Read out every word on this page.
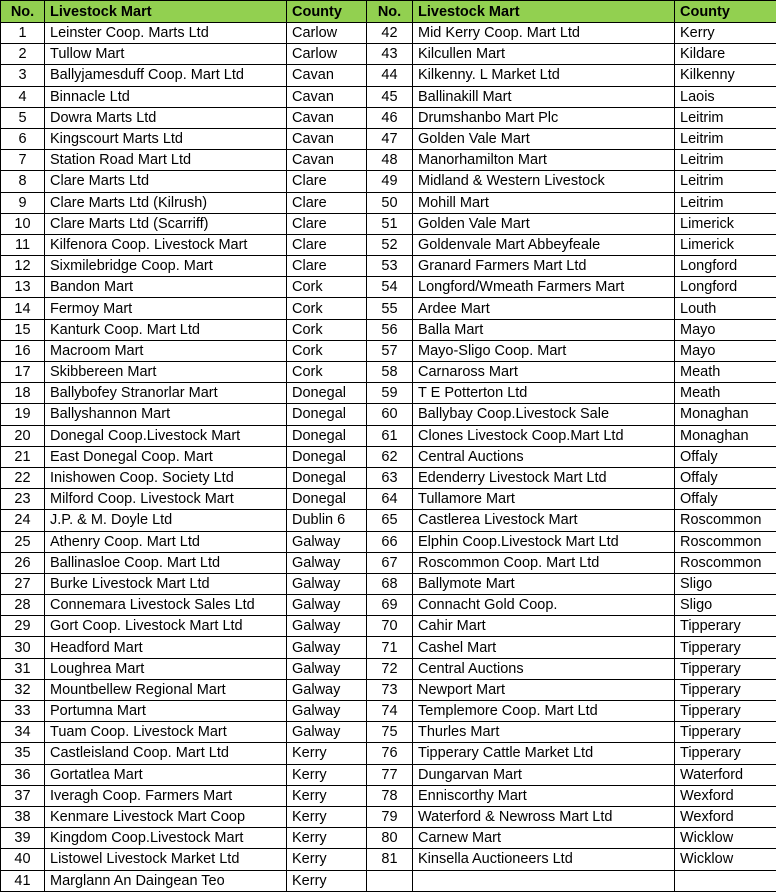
No.	Livestock Mart	County	No.	Livestock Mart	County
1	Leinster Coop. Marts Ltd	Carlow	42	Mid Kerry Coop. Mart Ltd	Kerry
2	Tullow Mart	Carlow	43	Kilcullen Mart	Kildare
3	Ballyjamesduff Coop. Mart Ltd	Cavan	44	Kilkenny. L Market Ltd	Kilkenny
4	Binnacle Ltd	Cavan	45	Ballinakill Mart	Laois
5	Dowra Marts Ltd	Cavan	46	Drumshanbo Mart Plc	Leitrim
6	Kingscourt Marts Ltd	Cavan	47	Golden Vale Mart	Leitrim
7	Station Road Mart Ltd	Cavan	48	Manorhamilton Mart	Leitrim
8	Clare Marts Ltd	Clare	49	Midland & Western Livestock	Leitrim
9	Clare Marts Ltd (Kilrush)	Clare	50	Mohill Mart	Leitrim
10	Clare Marts Ltd (Scarriff)	Clare	51	Golden Vale Mart	Limerick
11	Kilfenora Coop. Livestock Mart	Clare	52	Goldenvale Mart Abbeyfeale	Limerick
12	Sixmilebridge Coop. Mart	Clare	53	Granard Farmers Mart Ltd	Longford
13	Bandon Mart	Cork	54	Longford/Wmeath Farmers Mart	Longford
14	Fermoy Mart	Cork	55	Ardee Mart	Louth
15	Kanturk Coop. Mart Ltd	Cork	56	Balla Mart	Mayo
16	Macroom Mart	Cork	57	Mayo-Sligo Coop. Mart	Mayo
17	Skibbereen Mart	Cork	58	Carnaross Mart	Meath
18	Ballybofey Stranorlar Mart	Donegal	59	T E Potterton Ltd	Meath
19	Ballyshannon Mart	Donegal	60	Ballybay Coop.Livestock Sale	Monaghan
20	Donegal Coop.Livestock Mart	Donegal	61	Clones Livestock Coop.Mart Ltd	Monaghan
21	East Donegal Coop. Mart	Donegal	62	Central Auctions	Offaly
22	Inishowen Coop. Society Ltd	Donegal	63	Edenderry Livestock Mart Ltd	Offaly
23	Milford Coop. Livestock Mart	Donegal	64	Tullamore Mart	Offaly
24	J.P. & M. Doyle Ltd	Dublin 6	65	Castlerea Livestock Mart	Roscommon
25	Athenry Coop. Mart Ltd	Galway	66	Elphin Coop.Livestock Mart Ltd	Roscommon
26	Ballinasloe Coop. Mart Ltd	Galway	67	Roscommon Coop. Mart Ltd	Roscommon
27	Burke Livestock Mart Ltd	Galway	68	Ballymote Mart	Sligo
28	Connemara Livestock Sales Ltd	Galway	69	Connacht Gold Coop.	Sligo
29	Gort Coop. Livestock Mart Ltd	Galway	70	Cahir Mart	Tipperary
30	Headford Mart	Galway	71	Cashel Mart	Tipperary
31	Loughrea Mart	Galway	72	Central Auctions	Tipperary
32	Mountbellew Regional Mart	Galway	73	Newport Mart	Tipperary
33	Portumna Mart	Galway	74	Templemore Coop. Mart Ltd	Tipperary
34	Tuam Coop. Livestock Mart	Galway	75	Thurles Mart	Tipperary
35	Castleisland Coop. Mart Ltd	Kerry	76	Tipperary Cattle Market Ltd	Tipperary
36	Gortatlea Mart	Kerry	77	Dungarvan Mart	Waterford
37	Iveragh Coop. Farmers Mart	Kerry	78	Enniscorthy Mart	Wexford
38	Kenmare Livestock Mart Coop	Kerry	79	Waterford & Newross Mart Ltd	Wexford
39	Kingdom Coop.Livestock Mart	Kerry	80	Carnew Mart	Wicklow
40	Listowel Livestock Market Ltd	Kerry	81	Kinsella Auctioneers Ltd	Wicklow
41	Marglann An Daingean Teo	Kerry			
